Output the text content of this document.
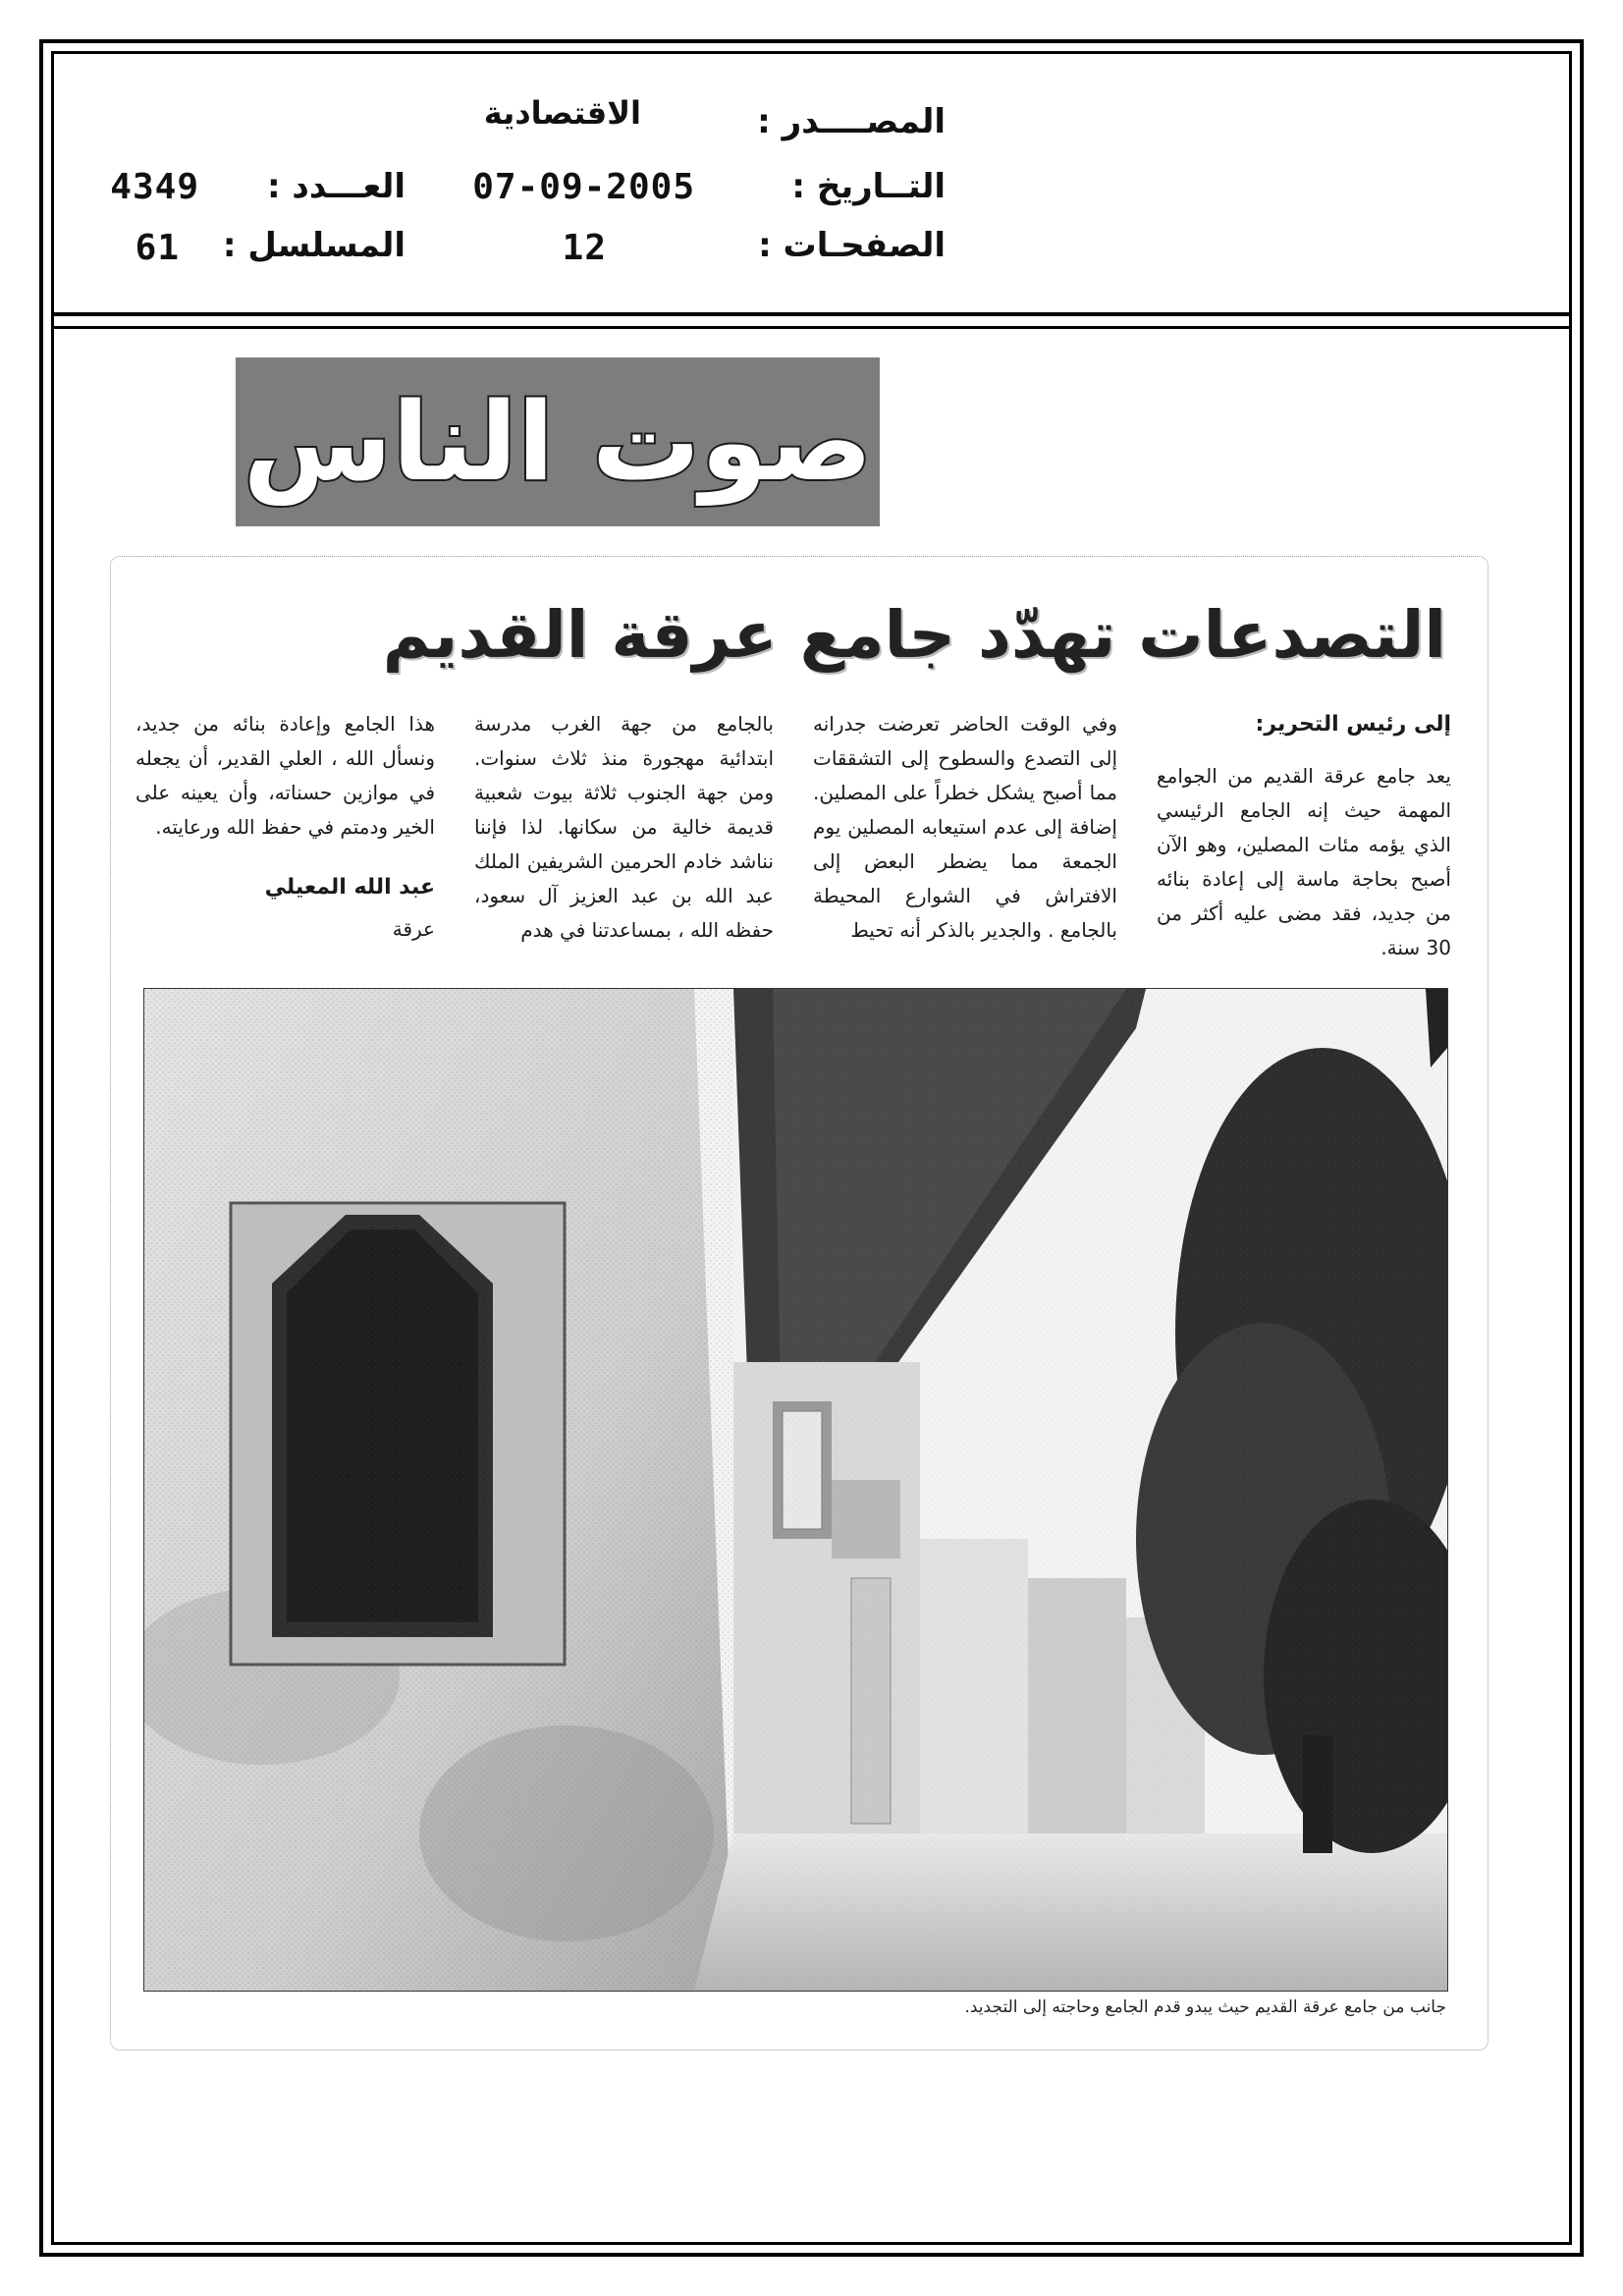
المصــــدر :
الاقتصادية
التــاريخ :
07-09-2005
العـــدد :
4349
الصفحـات :
12
المسلسل :
61
صوت الناس
التصدعات تهدّد جامع عرقة القديم

إلى رئيس التحرير:

يعد جامع عرقة القديم من الجوامع المهمة حيث إنه الجامع الرئيسي الذي يؤمه مئات المصلين، وهو الآن أصبح بحاجة ماسة إلى إعادة بنائه من جديد، فقد مضى عليه أكثر من 30 سنة.

وفي الوقت الحاضر تعرضت جدرانه إلى التصدع والسطوح إلى التشققات مما أصبح يشكل خطراً على المصلين. إضافة إلى عدم استيعابه المصلين يوم الجمعة مما يضطر البعض إلى الافتراش في الشوارع المحيطة بالجامع . والجدير بالذكر أنه تحيط

بالجامع من جهة الغرب مدرسة ابتدائية مهجورة منذ ثلاث سنوات. ومن جهة الجنوب ثلاثة بيوت شعبية قديمة خالية من سكانها. لذا فإننا نناشد خادم الحرمين الشريفين الملك عبد الله بن عبد العزيز آل سعود، حفظه الله ، بمساعدتنا في هدم

هذا الجامع وإعادة بنائه من جديد، ونسأل الله ، العلي القدير، أن يجعله في موازين حسناته، وأن يعينه على الخير ودمتم في حفظ الله ورعايته.

عبد الله المعيلي

عرقة

جانب من جامع عرقة القديم حيث يبدو قدم الجامع وحاجته إلى التجديد.
